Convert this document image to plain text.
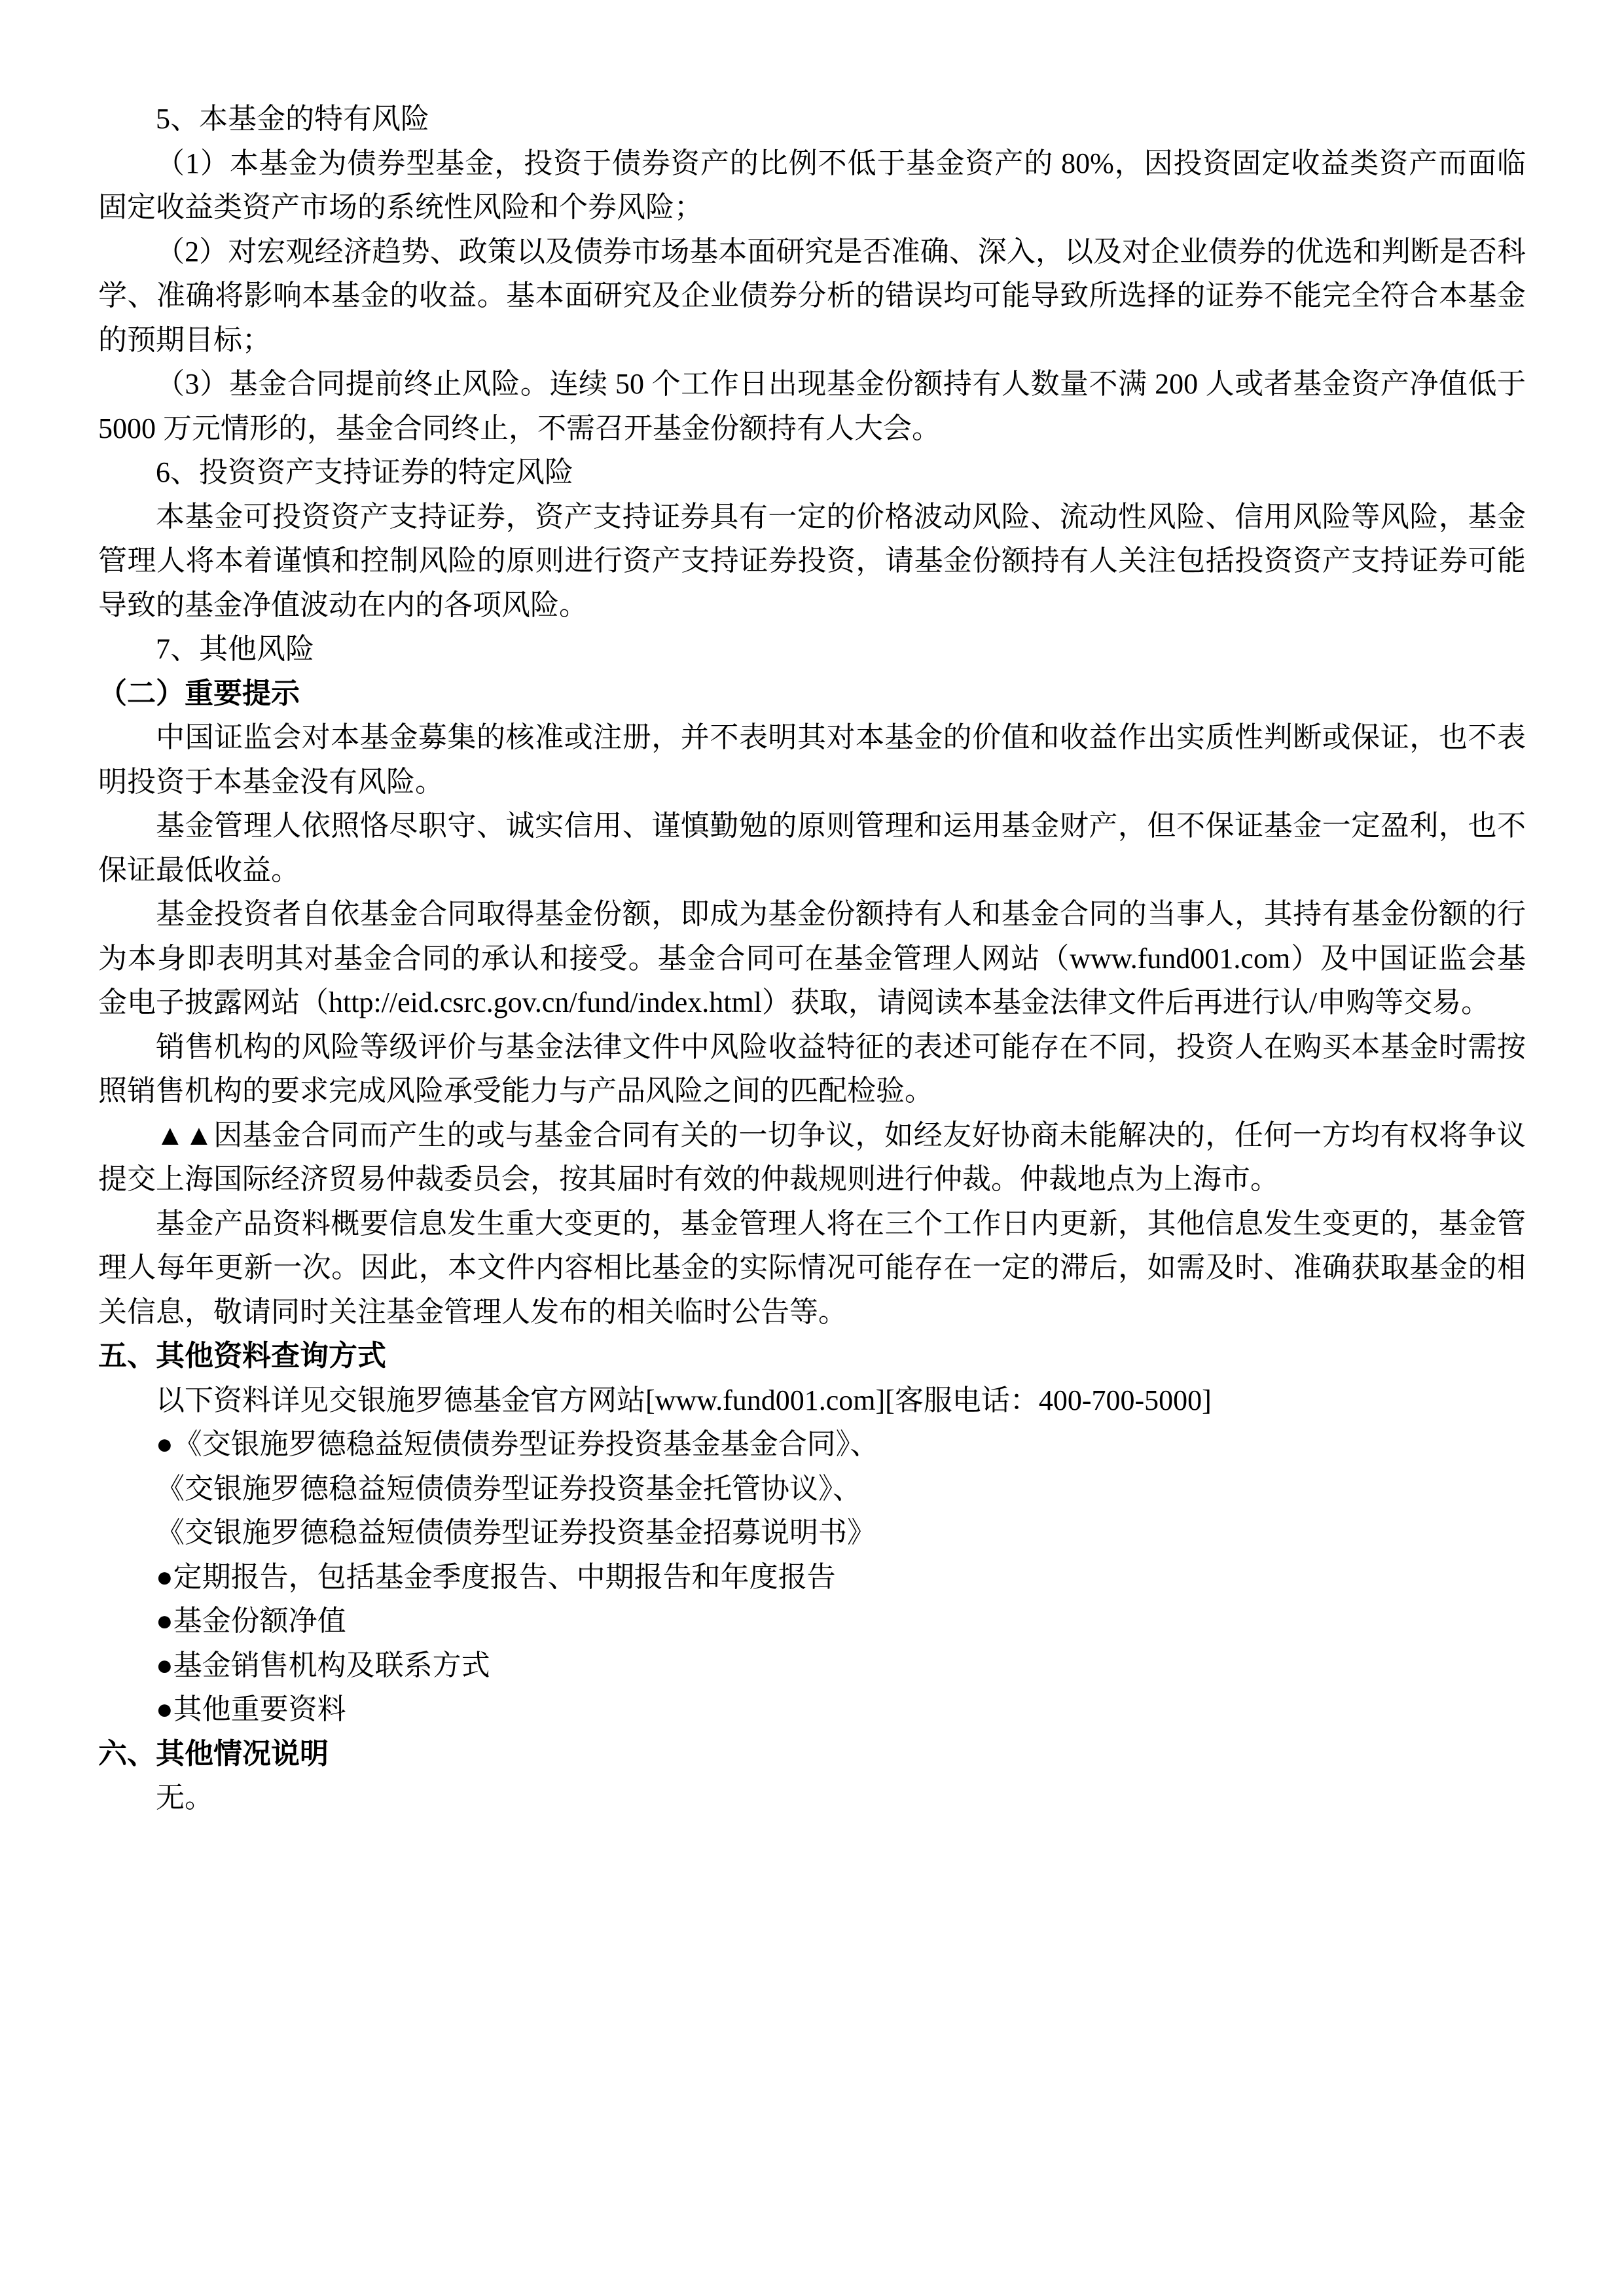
5、本基金的特有风险
（1）本基金为债券型基金，投资于债券资产的比例不低于基金资产的 80%，因投资固定收益类资产而面临固定收益类资产市场的系统性风险和个券风险；
（2）对宏观经济趋势、政策以及债券市场基本面研究是否准确、深入，以及对企业债券的优选和判断是否科学、准确将影响本基金的收益。基本面研究及企业债券分析的错误均可能导致所选择的证券不能完全符合本基金的预期目标；
（3）基金合同提前终止风险。连续 50 个工作日出现基金份额持有人数量不满 200 人或者基金资产净值低于 5000 万元情形的，基金合同终止，不需召开基金份额持有人大会。
6、投资资产支持证券的特定风险
本基金可投资资产支持证券，资产支持证券具有一定的价格波动风险、流动性风险、信用风险等风险，基金管理人将本着谨慎和控制风险的原则进行资产支持证券投资，请基金份额持有人关注包括投资资产支持证券可能导致的基金净值波动在内的各项风险。
7、其他风险
（二）重要提示
中国证监会对本基金募集的核准或注册，并不表明其对本基金的价值和收益作出实质性判断或保证，也不表明投资于本基金没有风险。
基金管理人依照恪尽职守、诚实信用、谨慎勤勉的原则管理和运用基金财产，但不保证基金一定盈利，也不保证最低收益。
基金投资者自依基金合同取得基金份额，即成为基金份额持有人和基金合同的当事人，其持有基金份额的行为本身即表明其对基金合同的承认和接受。基金合同可在基金管理人网站（www.fund001.com）及中国证监会基金电子披露网站（http://eid.csrc.gov.cn/fund/index.html）获取，请阅读本基金法律文件后再进行认/申购等交易。
销售机构的风险等级评价与基金法律文件中风险收益特征的表述可能存在不同，投资人在购买本基金时需按照销售机构的要求完成风险承受能力与产品风险之间的匹配检验。
▲▲因基金合同而产生的或与基金合同有关的一切争议，如经友好协商未能解决的，任何一方均有权将争议提交上海国际经济贸易仲裁委员会，按其届时有效的仲裁规则进行仲裁。仲裁地点为上海市。
基金产品资料概要信息发生重大变更的，基金管理人将在三个工作日内更新，其他信息发生变更的，基金管理人每年更新一次。因此，本文件内容相比基金的实际情况可能存在一定的滞后，如需及时、准确获取基金的相关信息，敬请同时关注基金管理人发布的相关临时公告等。
五、其他资料查询方式
以下资料详见交银施罗德基金官方网站[www.fund001.com][客服电话：400-700-5000]
●《交银施罗德稳益短债债券型证券投资基金基金合同》、
《交银施罗德稳益短债债券型证券投资基金托管协议》、
《交银施罗德稳益短债债券型证券投资基金招募说明书》
●定期报告，包括基金季度报告、中期报告和年度报告
●基金份额净值
●基金销售机构及联系方式
●其他重要资料
六、其他情况说明
无。
